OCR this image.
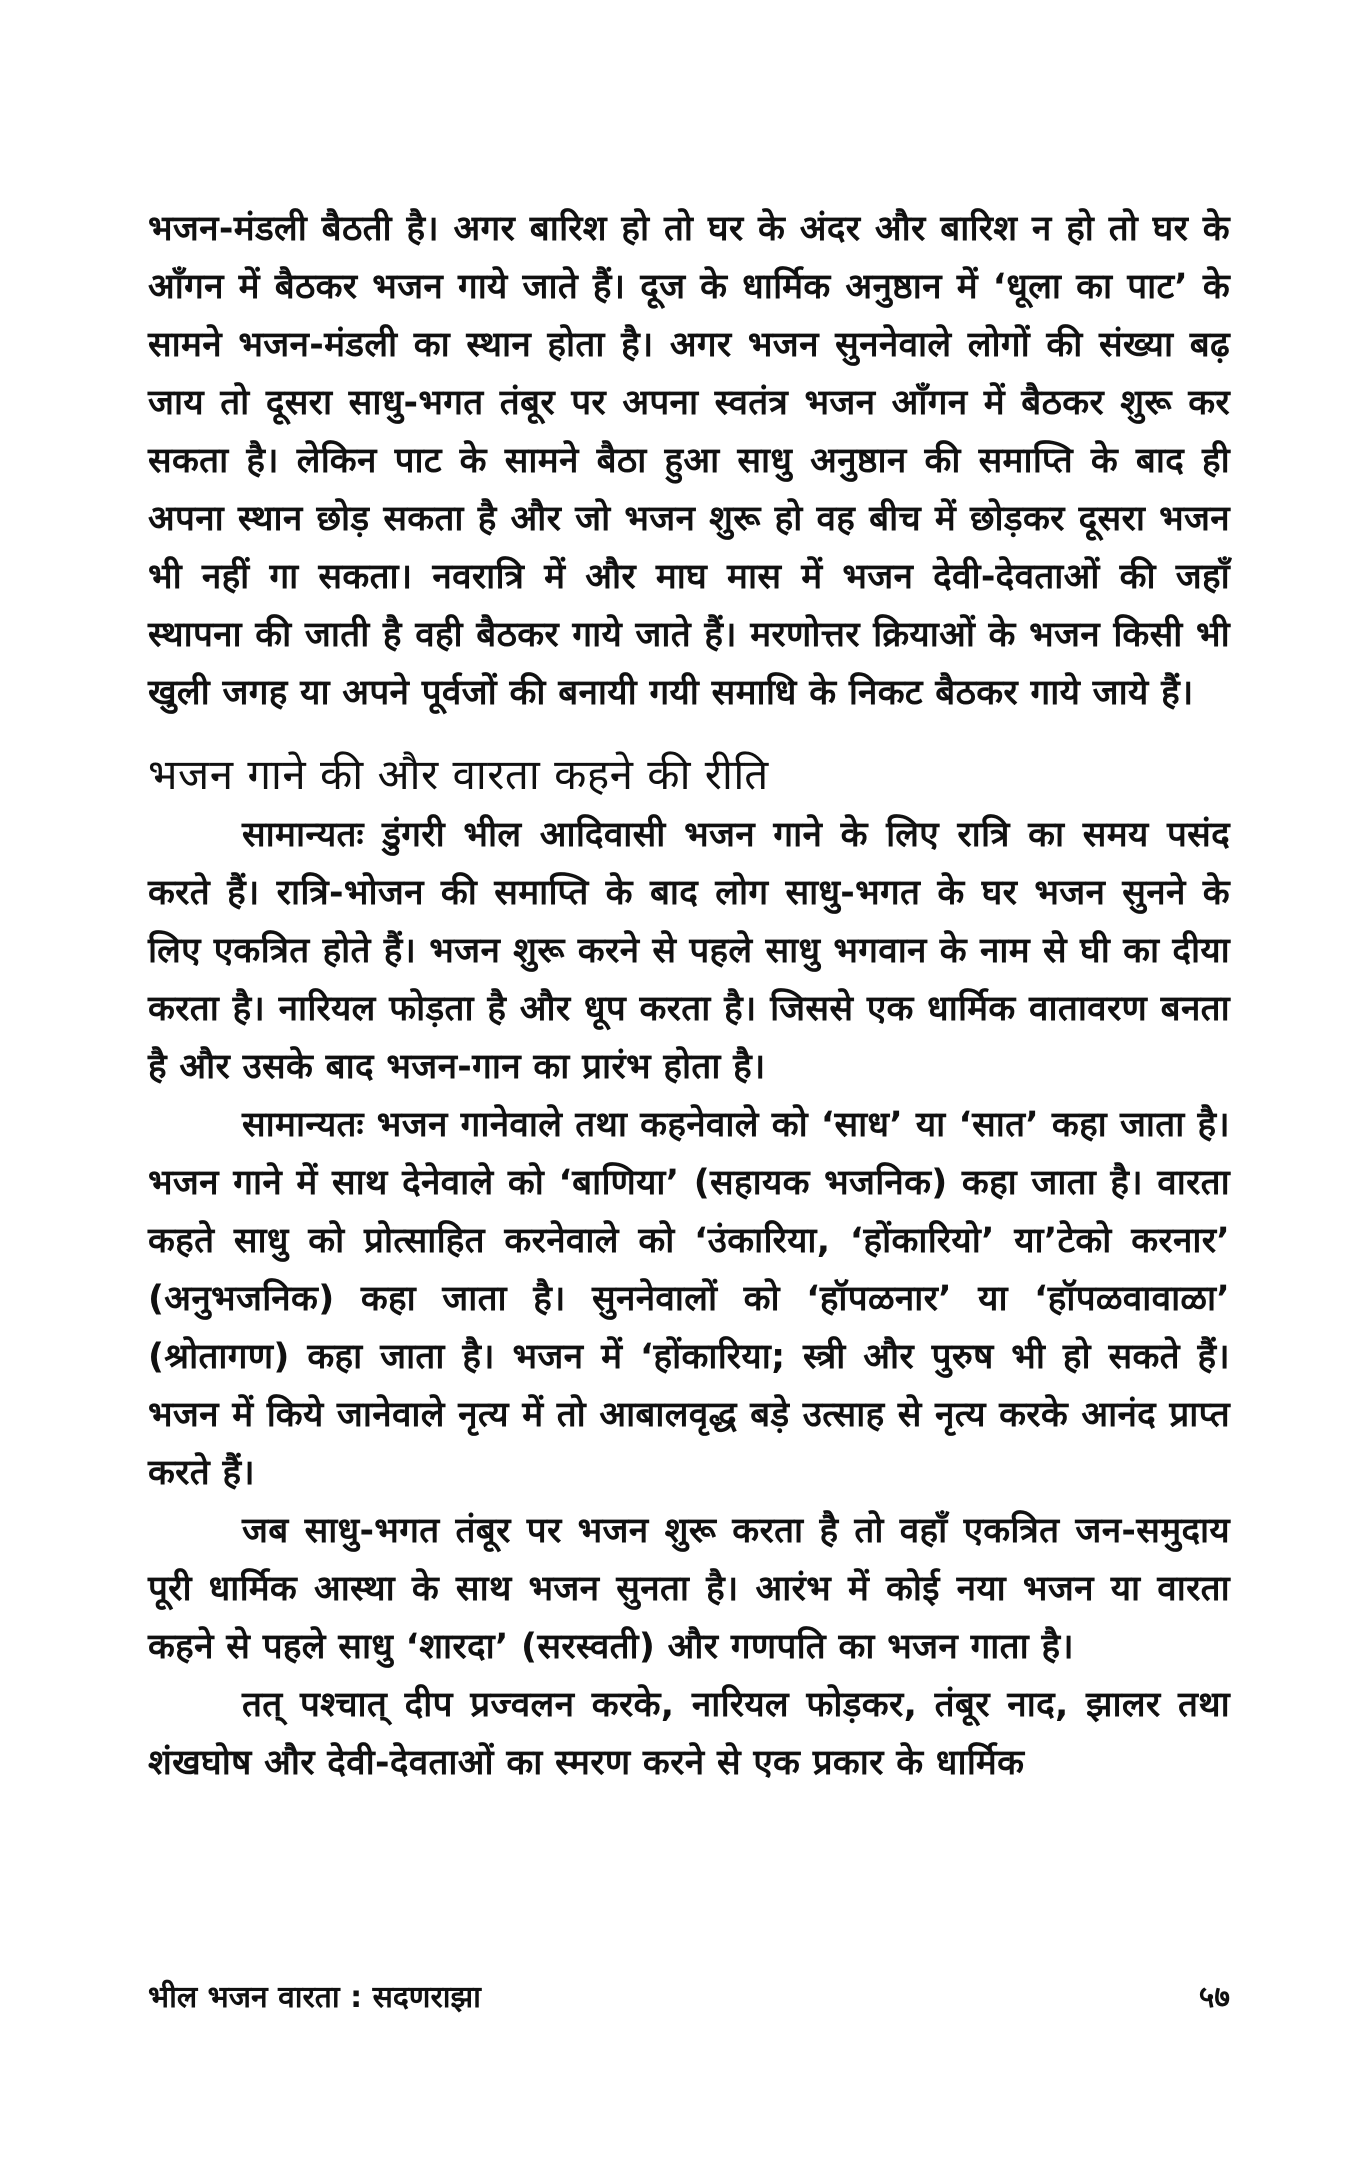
भजन-मंडली बैठती है। अगर बारिश हो तो घर के अंदर और बारिश न हो तो घर के आँगन में बैठकर भजन गाये जाते हैं। दूज के धार्मिक अनुष्ठान में ‘धूला का पाट’ के सामने भजन-मंडली का स्थान होता है। अगर भजन सुननेवाले लोगों की संख्या बढ़ जाय तो दूसरा साधु-भगत तंबूर पर अपना स्वतंत्र भजन आँगन में बैठकर शुरू कर सकता है। लेकिन पाट के सामने बैठा हुआ साधु अनुष्ठान की समाप्ति के बाद ही अपना स्थान छोड़ सकता है और जो भजन शुरू हो वह बीच में छोड़कर दूसरा भजन भी नहीं गा सकता। नवरात्रि में और माघ मास में भजन देवी-देवताओं की जहाँ स्थापना की जाती है वही बैठकर गाये जाते हैं। मरणोत्तर क्रियाओं के भजन किसी भी खुली जगह या अपने पूर्वजों की बनायी गयी समाधि के निकट बैठकर गाये जाये हैं।

भजन गाने की और वारता कहने की रीति

सामान्यतः डुंगरी भील आदिवासी भजन गाने के लिए रात्रि का समय पसंद करते हैं। रात्रि-भोजन की समाप्ति के बाद लोग साधु-भगत के घर भजन सुनने के लिए एकत्रित होते हैं। भजन शुरू करने से पहले साधु भगवान के नाम से घी का दीया करता है। नारियल फोड़ता है और धूप करता है। जिससे एक धार्मिक वातावरण बनता है और उसके बाद भजन-गान का प्रारंभ होता है।

सामान्यतः भजन गानेवाले तथा कहनेवाले को ‘साध’ या ‘सात’ कहा जाता है। भजन गाने में साथ देनेवाले को ‘बाणिया’ (सहायक भजनिक) कहा जाता है। वारता कहते साधु को प्रोत्साहित करनेवाले को ‘उंकारिया, ‘होंकारियो’ या’टेको करनार’ (अनुभजनिक) कहा जाता है। सुननेवालों को ‘हॉपळनार’ या ‘हॉपळवावाळा’ (श्रोतागण) कहा जाता है। भजन में ‘होंकारिया; स्त्री और पुरुष भी हो सकते हैं। भजन में किये जानेवाले नृत्य में तो आबालवृद्ध बड़े उत्साह से नृत्य करके आनंद प्राप्त करते हैं।

जब साधु-भगत तंबूर पर भजन शुरू करता है तो वहाँ एकत्रित जन-समुदाय पूरी धार्मिक आस्था के साथ भजन सुनता है। आरंभ में कोई नया भजन या वारता कहने से पहले साधु ‘शारदा’ (सरस्वती) और गणपति का भजन गाता है।

तत् पश्चात् दीप प्रज्वलन करके, नारियल फोड़कर, तंबूर नाद, झालर तथा शंखघोष और देवी-देवताओं का स्मरण करने से एक प्रकार के धार्मिक

भील भजन वारता : सदणराझा	५७
